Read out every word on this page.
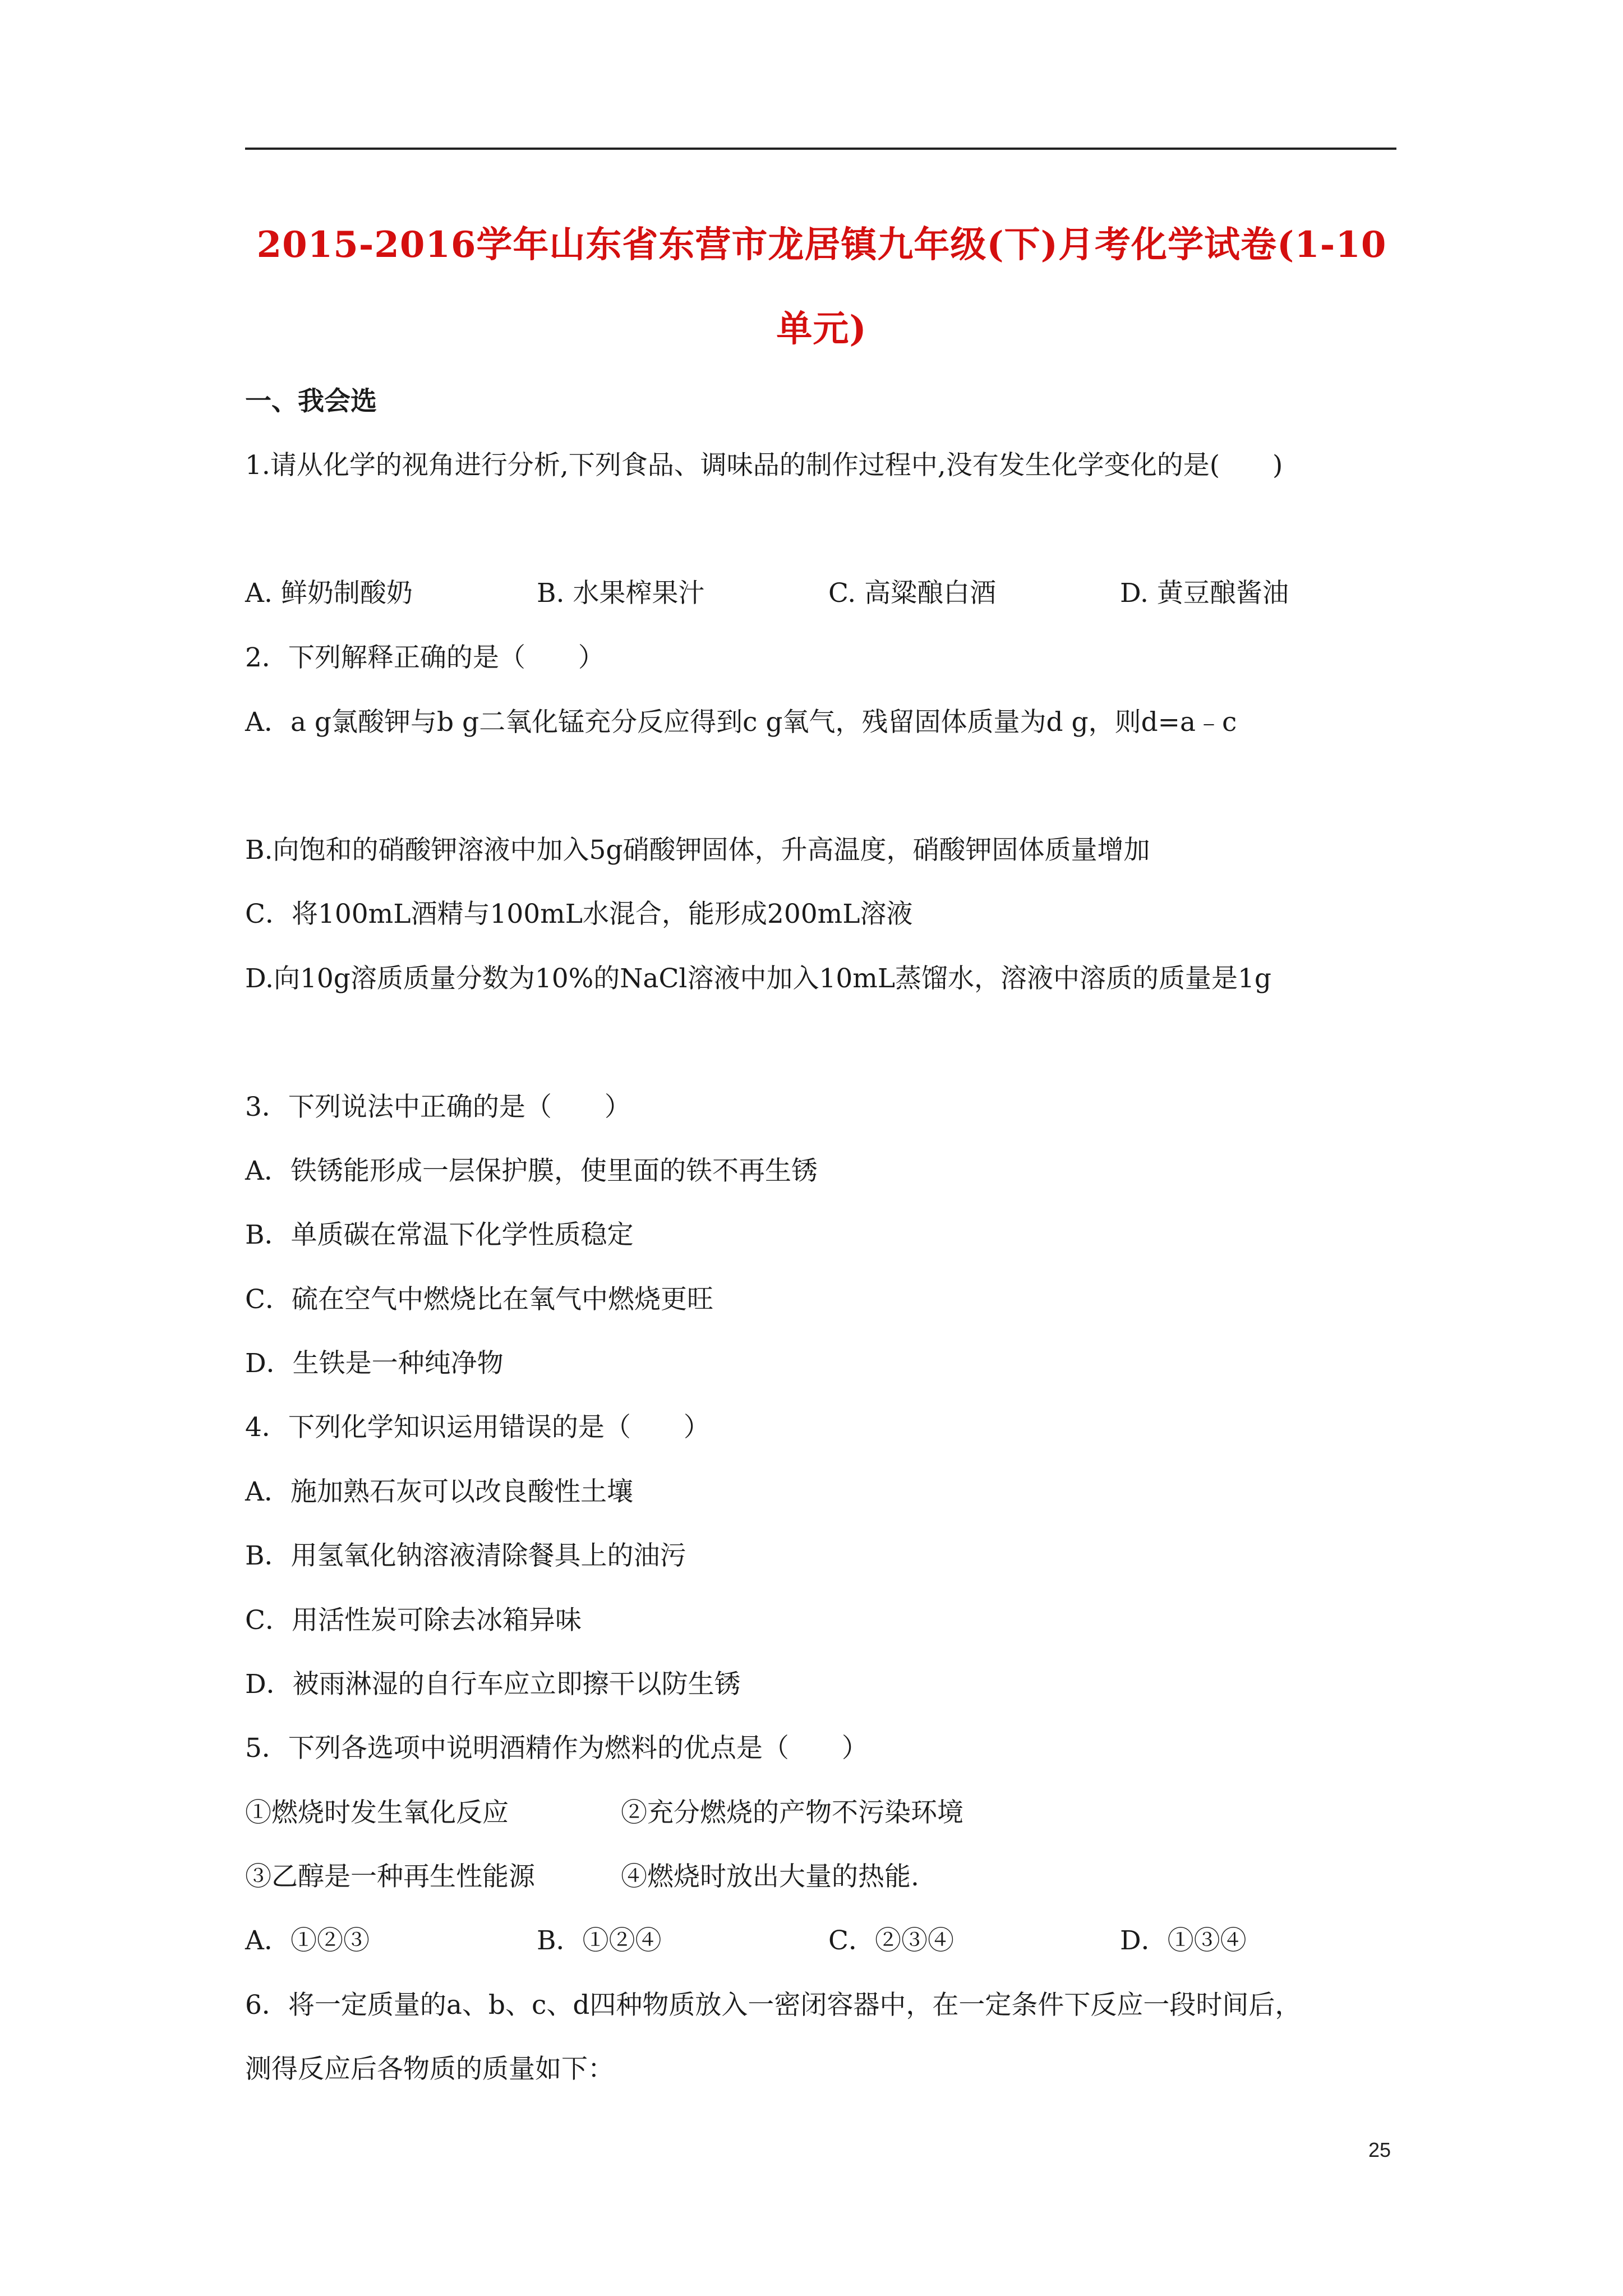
2015-2016学年山东省东营市龙居镇九年级(下)月考化学试卷(1-10
单元)
一、我会选
1.请从化学的视角进行分析,下列食品、调味品的制作过程中,没有发生化学变化的是(　　)
A. 鲜奶制酸奶	B. 水果榨果汁	C. 高粱酿白酒	D. 黄豆酿酱油
2．下列解释正确的是（　　）
A．a g氯酸钾与b g二氧化锰充分反应得到c g氧气，残留固体质量为d g，则d=a﹣c
B.向饱和的硝酸钾溶液中加入5g硝酸钾固体，升高温度，硝酸钾固体质量增加
C．将100mL酒精与100mL水混合，能形成200mL溶液
D.向10g溶质质量分数为10%的NaCl溶液中加入10mL蒸馏水，溶液中溶质的质量是1g
3．下列说法中正确的是（　　）
A．铁锈能形成一层保护膜，使里面的铁不再生锈
B．单质碳在常温下化学性质稳定
C．硫在空气中燃烧比在氧气中燃烧更旺
D．生铁是一种纯净物
4．下列化学知识运用错误的是（　　）
A．施加熟石灰可以改良酸性土壤
B．用氢氧化钠溶液清除餐具上的油污
C．用活性炭可除去冰箱异味
D．被雨淋湿的自行车应立即擦干以防生锈
5．下列各选项中说明酒精作为燃料的优点是（　　）
①燃烧时发生氧化反应	②充分燃烧的产物不污染环境
③乙醇是一种再生性能源	④燃烧时放出大量的热能.
A．①②③	B．①②④	C．②③④	D．①③④
6．将一定质量的a、b、c、d四种物质放入一密闭容器中，在一定条件下反应一段时间后，
测得反应后各物质的质量如下：
25
